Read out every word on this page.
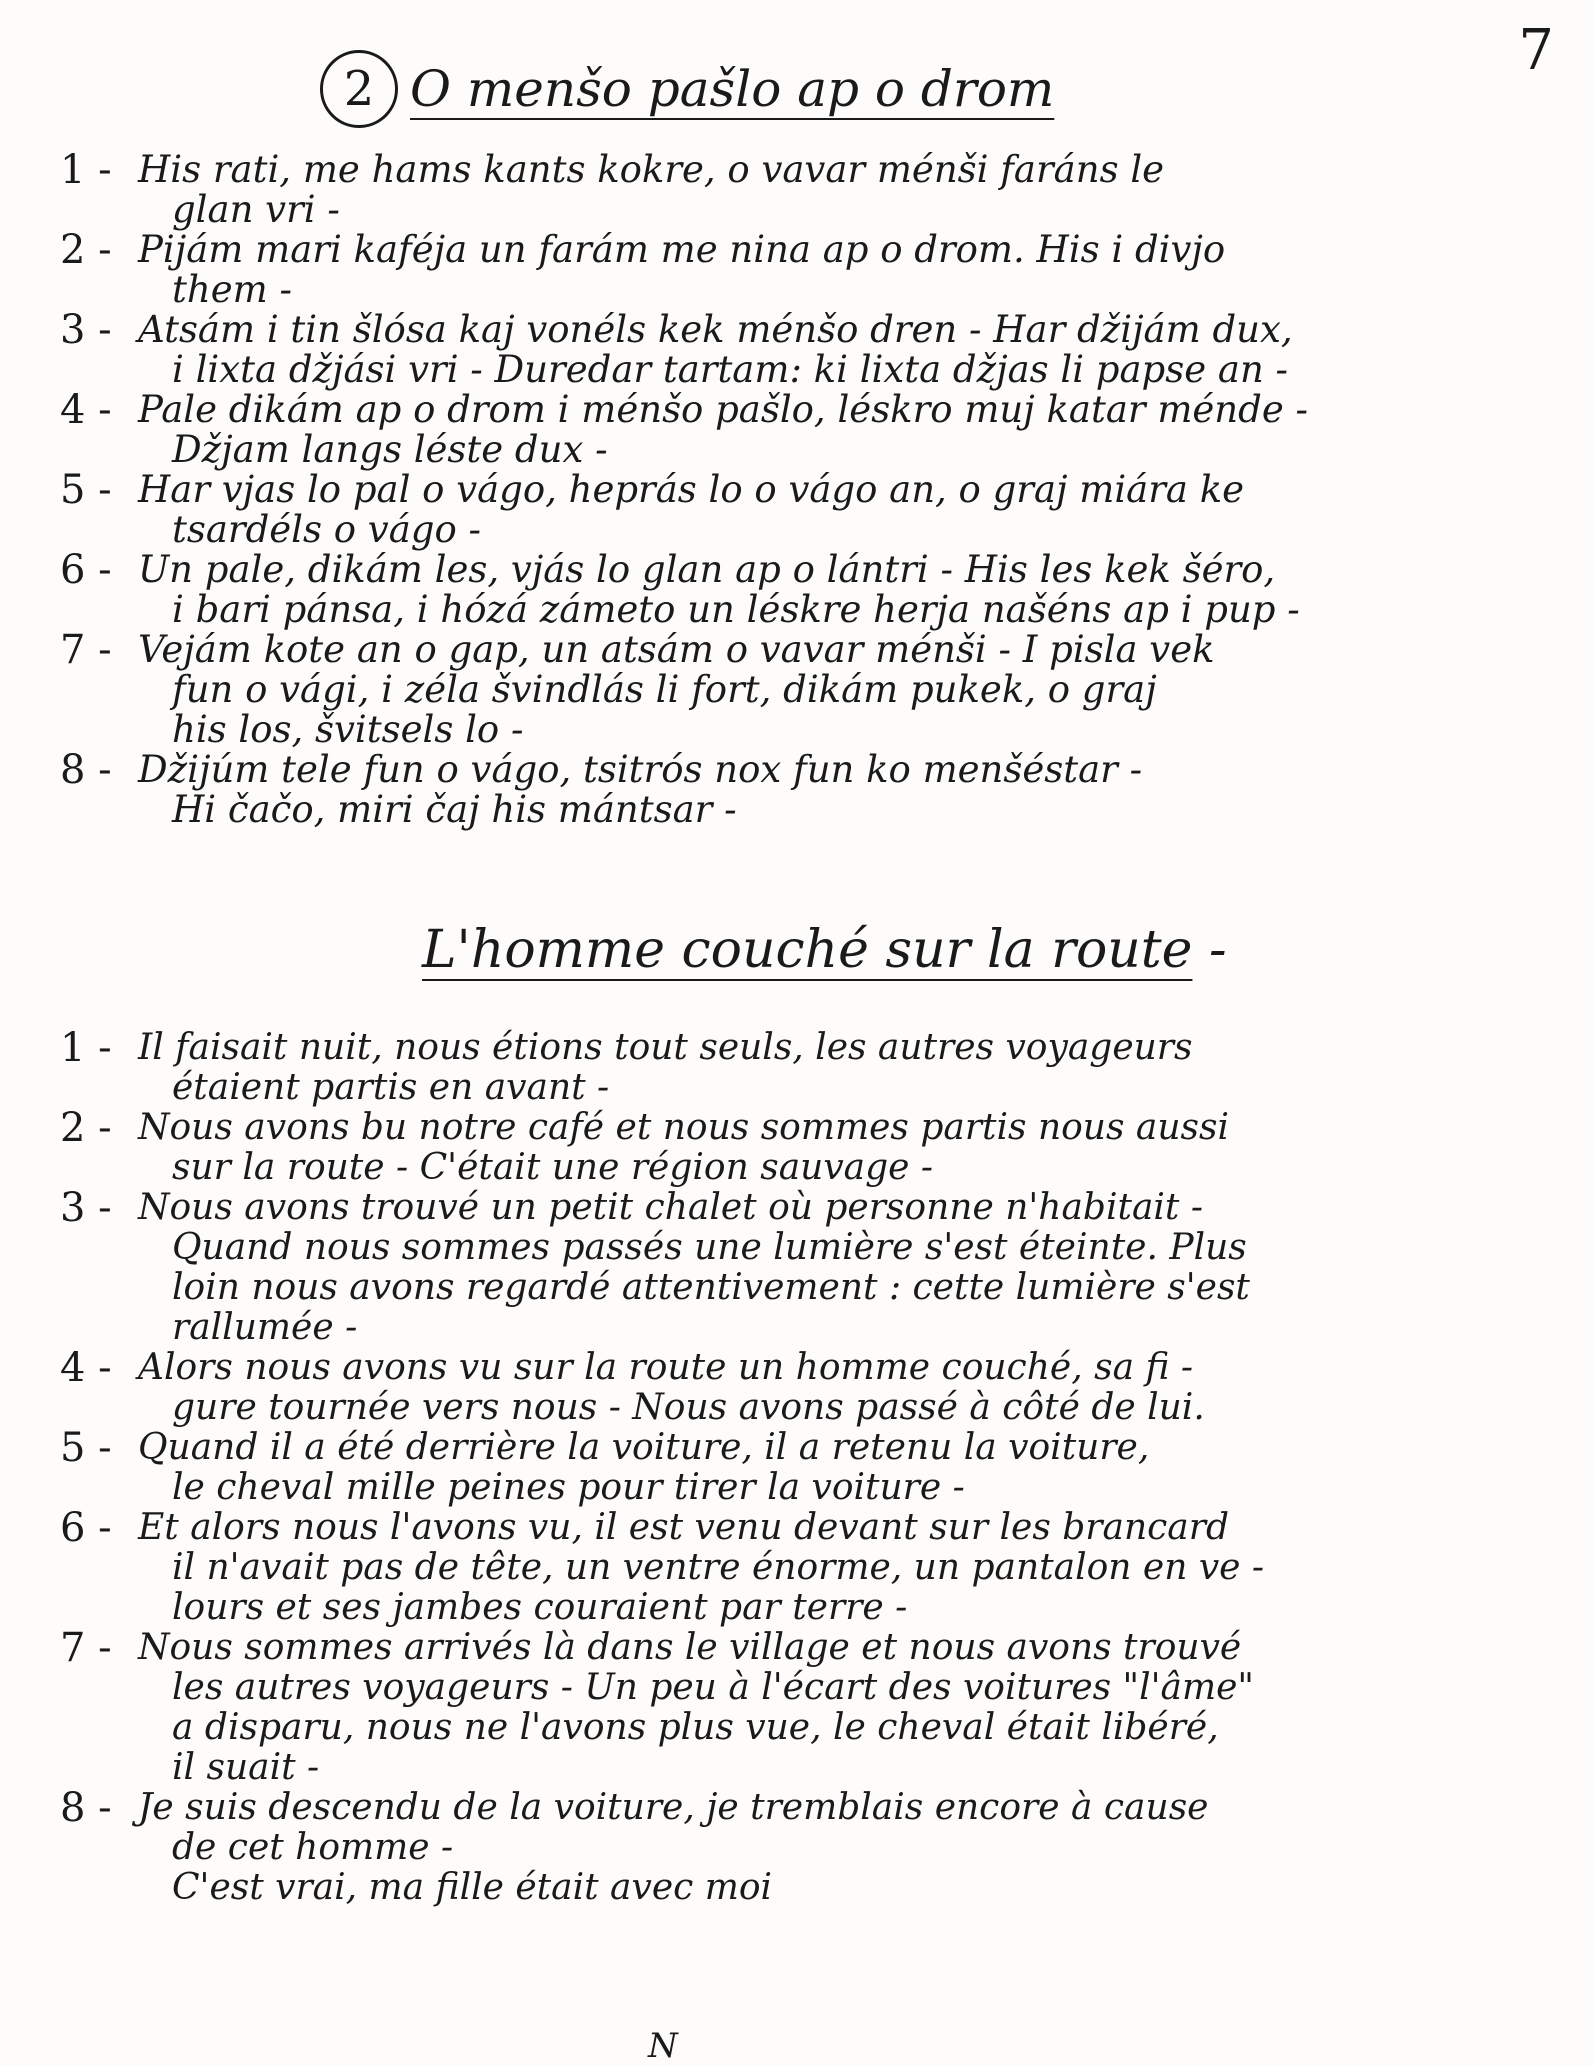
7
2 O menšo pašlo ap o drom
1 - His rati, me hams kants kokre, o vavar ménši faráns le
glan vri -
2 - Pijám mari kaféja un farám me nina ap o drom. His i divjo
them -
3 - Atsám i tin šlósa kaj vonéls kek ménšo dren - Har džijám dux,
i lixta džjási vri - Duredar tartam: ki lixta džjas li papse an -
4 - Pale dikám ap o drom i ménšo pašlo, léskro muj katar ménde -
Džjam langs léste dux -
5 - Har vjas lo pal o vágo, heprás lo o vágo an, o graj miára ke
tsardéls o vágo -
6 - Un pale, dikám les, vjás lo glan ap o lántri - His les kek šéro,
i bari pánsa, i hózá zámeto un léskre herja našéns ap i pup -
7 - Vejám kote an o gap, un atsám o vavar ménši - I pisla vek
fun o vági, i zéla švindlás li fort, dikám pukek, o graj
his los, švitsels lo -
8 - Džijúm tele fun o vágo, tsitrós nox fun ko menšéstar -
Hi čačo, miri čaj his mántsar -
L'homme couché sur la route -
1 - Il faisait nuit, nous étions tout seuls, les autres voyageurs
étaient partis en avant -
2 - Nous avons bu notre café et nous sommes partis nous aussi
sur la route - C'était une région sauvage -
3 - Nous avons trouvé un petit chalet où personne n'habitait -
Quand nous sommes passés une lumière s'est éteinte. Plus
loin nous avons regardé attentivement : cette lumière s'est
rallumée -
4 - Alors nous avons vu sur la route un homme couché, sa fi -
gure tournée vers nous - Nous avons passé à côté de lui.
5 - Quand il a été derrière la voiture, il a retenu la voiture,
le cheval mille peines pour tirer la voiture -
6 - Et alors nous l'avons vu, il est venu devant sur les brancard
il n'avait pas de tête, un ventre énorme, un pantalon en ve -
lours et ses jambes couraient par terre -
7 - Nous sommes arrivés là dans le village et nous avons trouvé
les autres voyageurs - Un peu à l'écart des voitures "l'âme"
a disparu, nous ne l'avons plus vue, le cheval était libéré,
il suait -
8 - Je suis descendu de la voiture, je tremblais encore à cause
de cet homme -
C'est vrai, ma fille était avec moi
N
